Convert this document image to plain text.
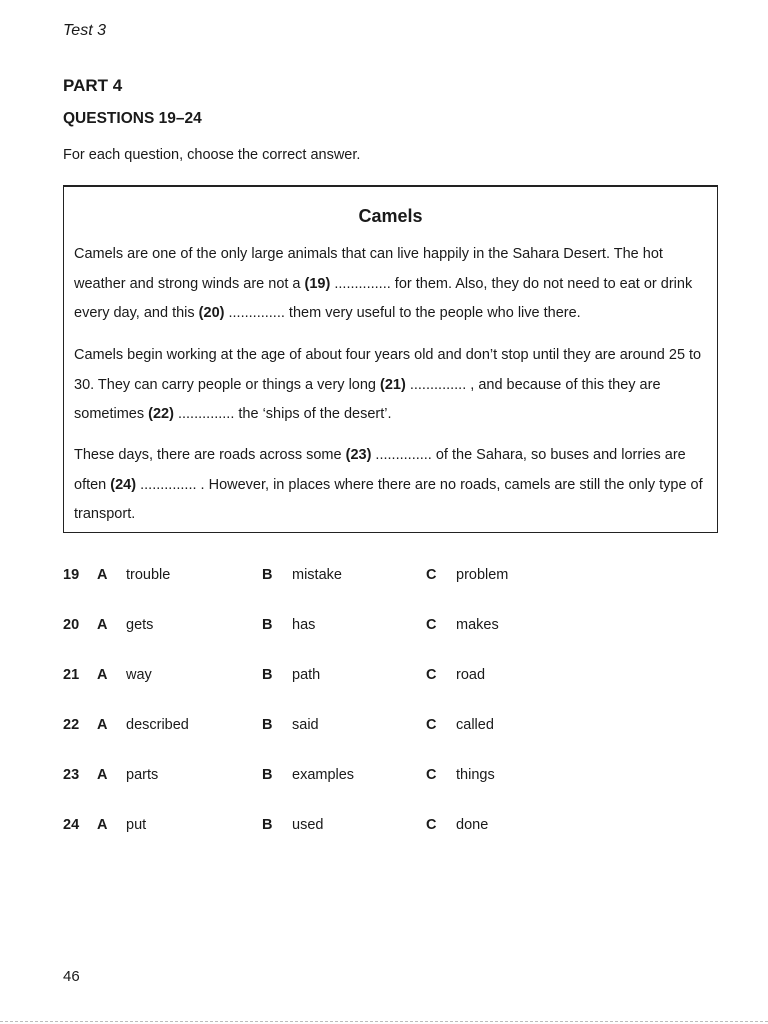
Test 3
PART 4
QUESTIONS 19–24
For each question, choose the correct answer.
Camels
Camels are one of the only large animals that can live happily in the Sahara Desert. The hot weather and strong winds are not a (19) .............. for them. Also, they do not need to eat or drink every day, and this (20) .............. them very useful to the people who live there.
Camels begin working at the age of about four years old and don’t stop until they are around 25 to 30. They can carry people or things a very long (21) .............. , and because of this they are sometimes (22) .............. the ‘ships of the desert’.
These days, there are roads across some (23) .............. of the Sahara, so buses and lorries are often (24) .............. . However, in places where there are no roads, camels are still the only type of transport.
19 A trouble	B mistake	C problem
20 A gets	B has	C makes
21 A way	B path	C road
22 A described	B said	C called
23 A parts	B examples	C things
24 A put	B used	C done
46
